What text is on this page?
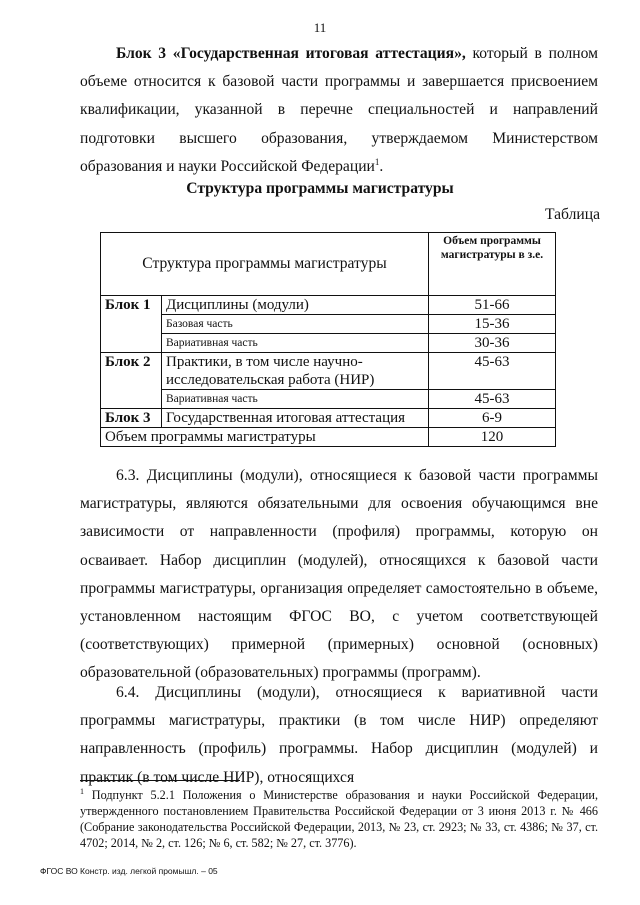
11

Блок 3 «Государственная итоговая аттестация», который в полном объеме относится к базовой части программы и завершается присвоением квалификации, указанной в перечне специальностей и направлений подготовки высшего образования, утверждаемом Министерством образования и науки Российской Федерации$^1$.

Структура программы магистратуры
Таблица
Структура программы магистратуры		Объем программы магистратуры в з.е.
Блок 1	Дисциплины (модули)	51-66
	Базовая часть	15-36
	Вариативная часть	30-36
Блок 2	Практики, в том числе научно-исследовательская работа (НИР)	45-63
	Вариативная часть	45-63
Блок 3	Государственная итоговая аттестация	6-9
Объем программы магистратуры		120

6.3. Дисциплины (модули), относящиеся к базовой части программы магистратуры, являются обязательными для освоения обучающимся вне зависимости от направленности (профиля) программы, которую он осваивает. Набор дисциплин (модулей), относящихся к базовой части программы магистратуры, организация определяет самостоятельно в объеме, установленном настоящим ФГОС ВО, с учетом соответствующей (соответствующих) примерной (примерных) основной (основных) образовательной (образовательных) программы (программ).

6.4. Дисциплины (модули), относящиеся к вариативной части программы магистратуры, практики (в том числе НИР) определяют направленность (профиль) программы. Набор дисциплин (модулей) и практик (в том числе НИР), относящихся

$^1$ Подпункт 5.2.1 Положения о Министерстве образования и науки Российской Федерации, утвержденного постановлением Правительства Российской Федерации от 3 июня 2013 г. № 466 (Собрание законодательства Российской Федерации, 2013, № 23, ст. 2923; № 33, ст. 4386; № 37, ст. 4702; 2014, № 2, ст. 126; № 6, ст. 582; № 27, ст. 3776).

ФГОС ВО Констр. изд. легкой промышл. – 05
